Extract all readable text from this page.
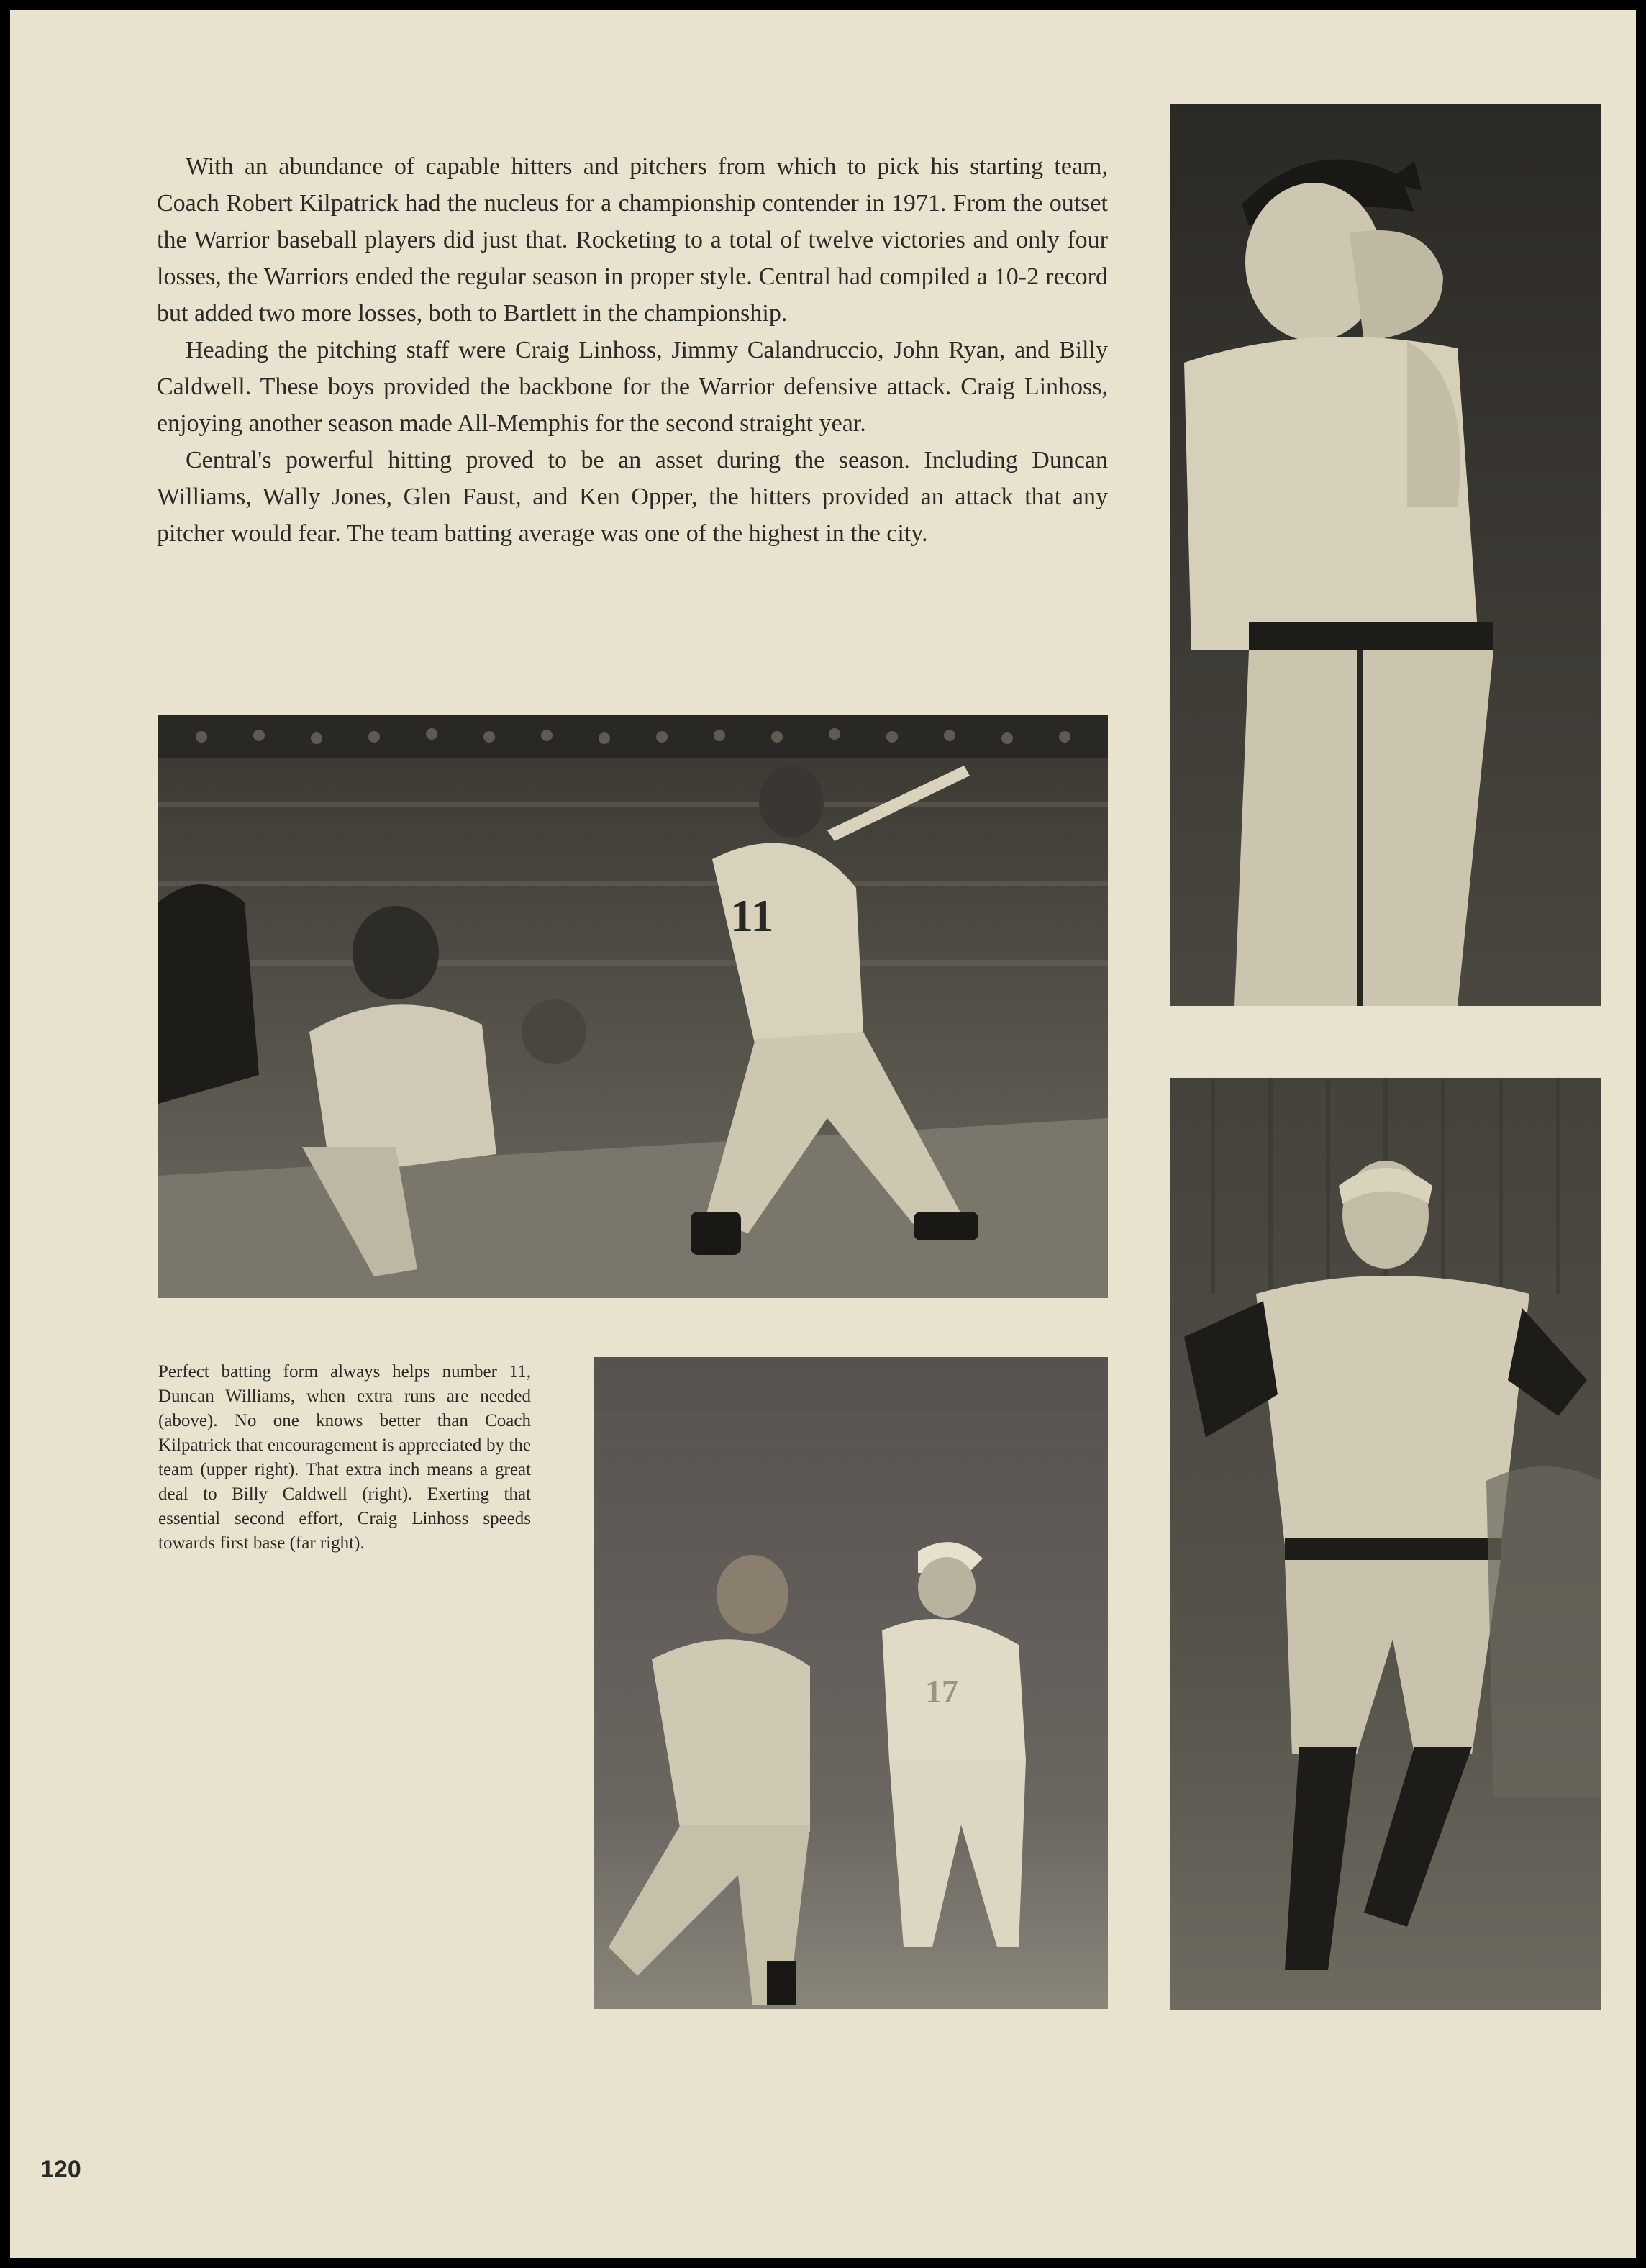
With an abundance of capable hitters and pitchers from which to pick his starting team, Coach Robert Kilpatrick had the nucleus for a championship contender in 1971. From the outset the Warrior baseball players did just that. Rocketing to a total of twelve victories and only four losses, the Warriors ended the regular season in proper style. Central had compiled a 10-2 record but added two more losses, both to Bartlett in the championship.

Heading the pitching staff were Craig Linhoss, Jimmy Calandruccio, John Ryan, and Billy Caldwell. These boys provided the backbone for the Warrior defensive attack. Craig Linhoss, enjoying another season made All-Memphis for the second straight year.

Central's powerful hitting proved to be an asset during the season. Including Duncan Williams, Wally Jones, Glen Faust, and Ken Opper, the hitters provided an attack that any pitcher would fear. The team batting average was one of the highest in the city.

11
Perfect batting form always helps number 11, Duncan Williams, when extra runs are needed (above). No one knows better than Coach Kilpatrick that encouragement is appreciated by the team (upper right). That extra inch means a great deal to Billy Caldwell (right). Exerting that essential second effort, Craig Linhoss speeds towards first base (far right).
17
120
